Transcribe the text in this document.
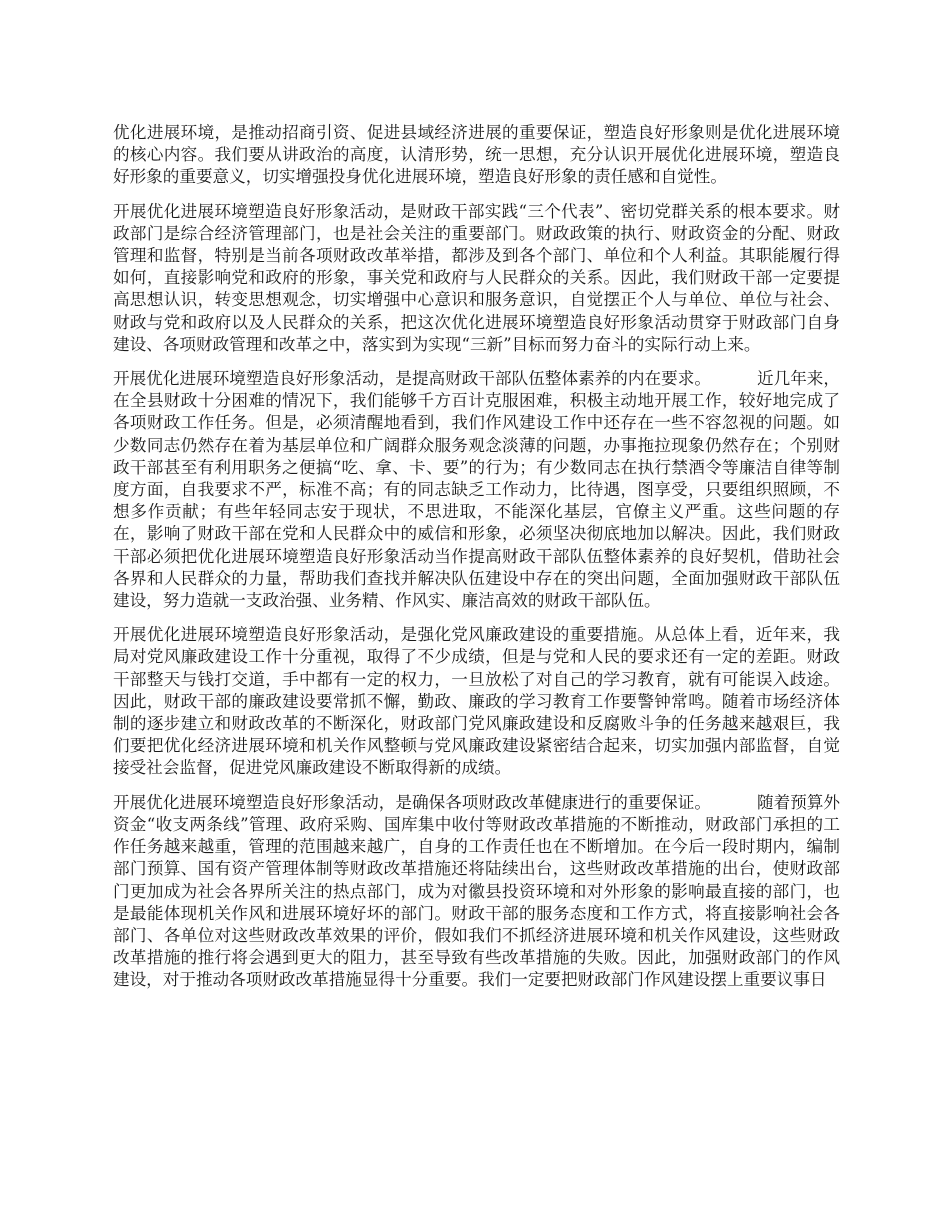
优化进展环境，是推动招商引资、促进县域经济进展的重要保证，塑造良好形象则是优化进展环境的核心内容。我们要从讲政治的高度，认清形势，统一思想，充分认识开展优化进展环境，塑造良好形象的重要意义，切实增强投身优化进展环境，塑造良好形象的责任感和自觉性。

开展优化进展环境塑造良好形象活动，是财政干部实践“三个代表”、密切党群关系的根本要求。财政部门是综合经济管理部门，也是社会关注的重要部门。财政政策的执行、财政资金的分配、财政管理和监督，特别是当前各项财政改革举措，都涉及到各个部门、单位和个人利益。其职能履行得如何，直接影响党和政府的形象，事关党和政府与人民群众的关系。因此，我们财政干部一定要提高思想认识，转变思想观念，切实增强中心意识和服务意识，自觉摆正个人与单位、单位与社会、财政与党和政府以及人民群众的关系，把这次优化进展环境塑造良好形象活动贯穿于财政部门自身建设、各项财政管理和改革之中，落实到为实现“三新”目标而努力奋斗的实际行动上来。

开展优化进展环境塑造良好形象活动，是提高财政干部队伍整体素养的内在要求。	近几年来，在全县财政十分困难的情况下，我们能够千方百计克服困难，积极主动地开展工作，较好地完成了各项财政工作任务。但是，必须清醒地看到，我们作风建设工作中还存在一些不容忽视的问题。如少数同志仍然存在着为基层单位和广阔群众服务观念淡薄的问题，办事拖拉现象仍然存在；个别财政干部甚至有利用职务之便搞“吃、拿、卡、要”的行为；有少数同志在执行禁酒令等廉洁自律等制度方面，自我要求不严，标准不高；有的同志缺乏工作动力，比待遇，图享受，只要组织照顾，不想多作贡献；有些年轻同志安于现状，不思进取，不能深化基层，官僚主义严重。这些问题的存在，影响了财政干部在党和人民群众中的威信和形象，必须坚决彻底地加以解决。因此，我们财政干部必须把优化进展环境塑造良好形象活动当作提高财政干部队伍整体素养的良好契机，借助社会各界和人民群众的力量，帮助我们查找并解决队伍建设中存在的突出问题，全面加强财政干部队伍建设，努力造就一支政治强、业务精、作风实、廉洁高效的财政干部队伍。

开展优化进展环境塑造良好形象活动，是强化党风廉政建设的重要措施。从总体上看，近年来，我局对党风廉政建设工作十分重视，取得了不少成绩，但是与党和人民的要求还有一定的差距。财政干部整天与钱打交道，手中都有一定的权力，一旦放松了对自己的学习教育，就有可能误入歧途。因此，财政干部的廉政建设要常抓不懈，勤政、廉政的学习教育工作要警钟常鸣。随着市场经济体制的逐步建立和财政改革的不断深化，财政部门党风廉政建设和反腐败斗争的任务越来越艰巨，我们要把优化经济进展环境和机关作风整顿与党风廉政建设紧密结合起来，切实加强内部监督，自觉接受社会监督，促进党风廉政建设不断取得新的成绩。

开展优化进展环境塑造良好形象活动，是确保各项财政改革健康进行的重要保证。	随着预算外资金“收支两条线”管理、政府采购、国库集中收付等财政改革措施的不断推动，财政部门承担的工作任务越来越重，管理的范围越来越广，自身的工作责任也在不断增加。在今后一段时期内，编制部门预算、国有资产管理体制等财政改革措施还将陆续出台，这些财政改革措施的出台，使财政部门更加成为社会各界所关注的热点部门，成为对徽县投资环境和对外形象的影响最直接的部门，也是最能体现机关作风和进展环境好坏的部门。财政干部的服务态度和工作方式，将直接影响社会各部门、各单位对这些财政改革效果的评价，假如我们不抓经济进展环境和机关作风建设，这些财政改革措施的推行将会遇到更大的阻力，甚至导致有些改革措施的失败。因此，加强财政部门的作风建设，对于推动各项财政改革措施显得十分重要。我们一定要把财政部门作风建设摆上重要议事日
